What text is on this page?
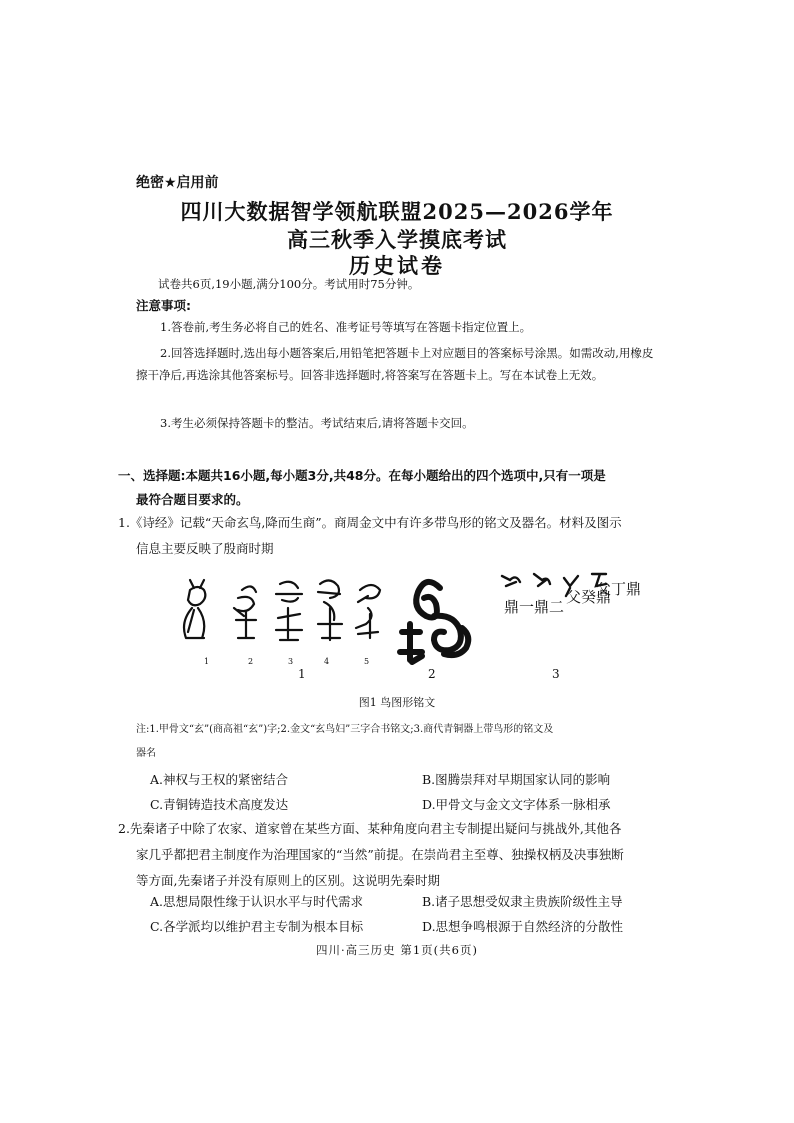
绝密★启用前
四川大数据智学领航联盟2025—2026学年
高三秋季入学摸底考试
历史试卷
试卷共6页,19小题,满分100分。考试用时75分钟。
注意事项:
1.答卷前,考生务必将自己的姓名、准考证号等填写在答题卡指定位置上。
2.回答选择题时,选出每小题答案后,用铅笔把答题卡上对应题目的答案标号涂黑。如需改动,用橡皮擦干净后,再选涂其他答案标号。回答非选择题时,将答案写在答题卡上。写在本试卷上无效。
3.考生必须保持答题卡的整洁。考试结束后,请将答题卡交回。
一、选择题:本题共16小题,每小题3分,共48分。在每小题给出的四个选项中,只有一项是
最符合题目要求的。
1.《诗经》记载“天命玄鸟,降而生商”。商周金文中有许多带鸟形的铭文及器名。材料及图示
信息主要反映了殷商时期
1	2	3	4	5
鼎一 鼎二
父癸鼎
父丁鼎
1	2	3
图1 鸟图形铭文
注:1.甲骨文“玄”(商高祖“玄”)字;2.金文“玄鸟妇”三字合书铭文;3.商代青铜器上带鸟形的铭文及
器名
A.神权与王权的紧密结合	B.图腾崇拜对早期国家认同的影响
C.青铜铸造技术高度发达	D.甲骨文与金文文字体系一脉相承
2.先秦诸子中除了农家、道家曾在某些方面、某种角度向君主专制提出疑问与挑战外,其他各
家几乎都把君主制度作为治理国家的“当然”前提。在崇尚君主至尊、独操权柄及决事独断
等方面,先秦诸子并没有原则上的区别。这说明先秦时期
A.思想局限性缘于认识水平与时代需求	B.诸子思想受奴隶主贵族阶级性主导
C.各学派均以维护君主专制为根本目标	D.思想争鸣根源于自然经济的分散性
四川·高三历史 第1页(共6页)
